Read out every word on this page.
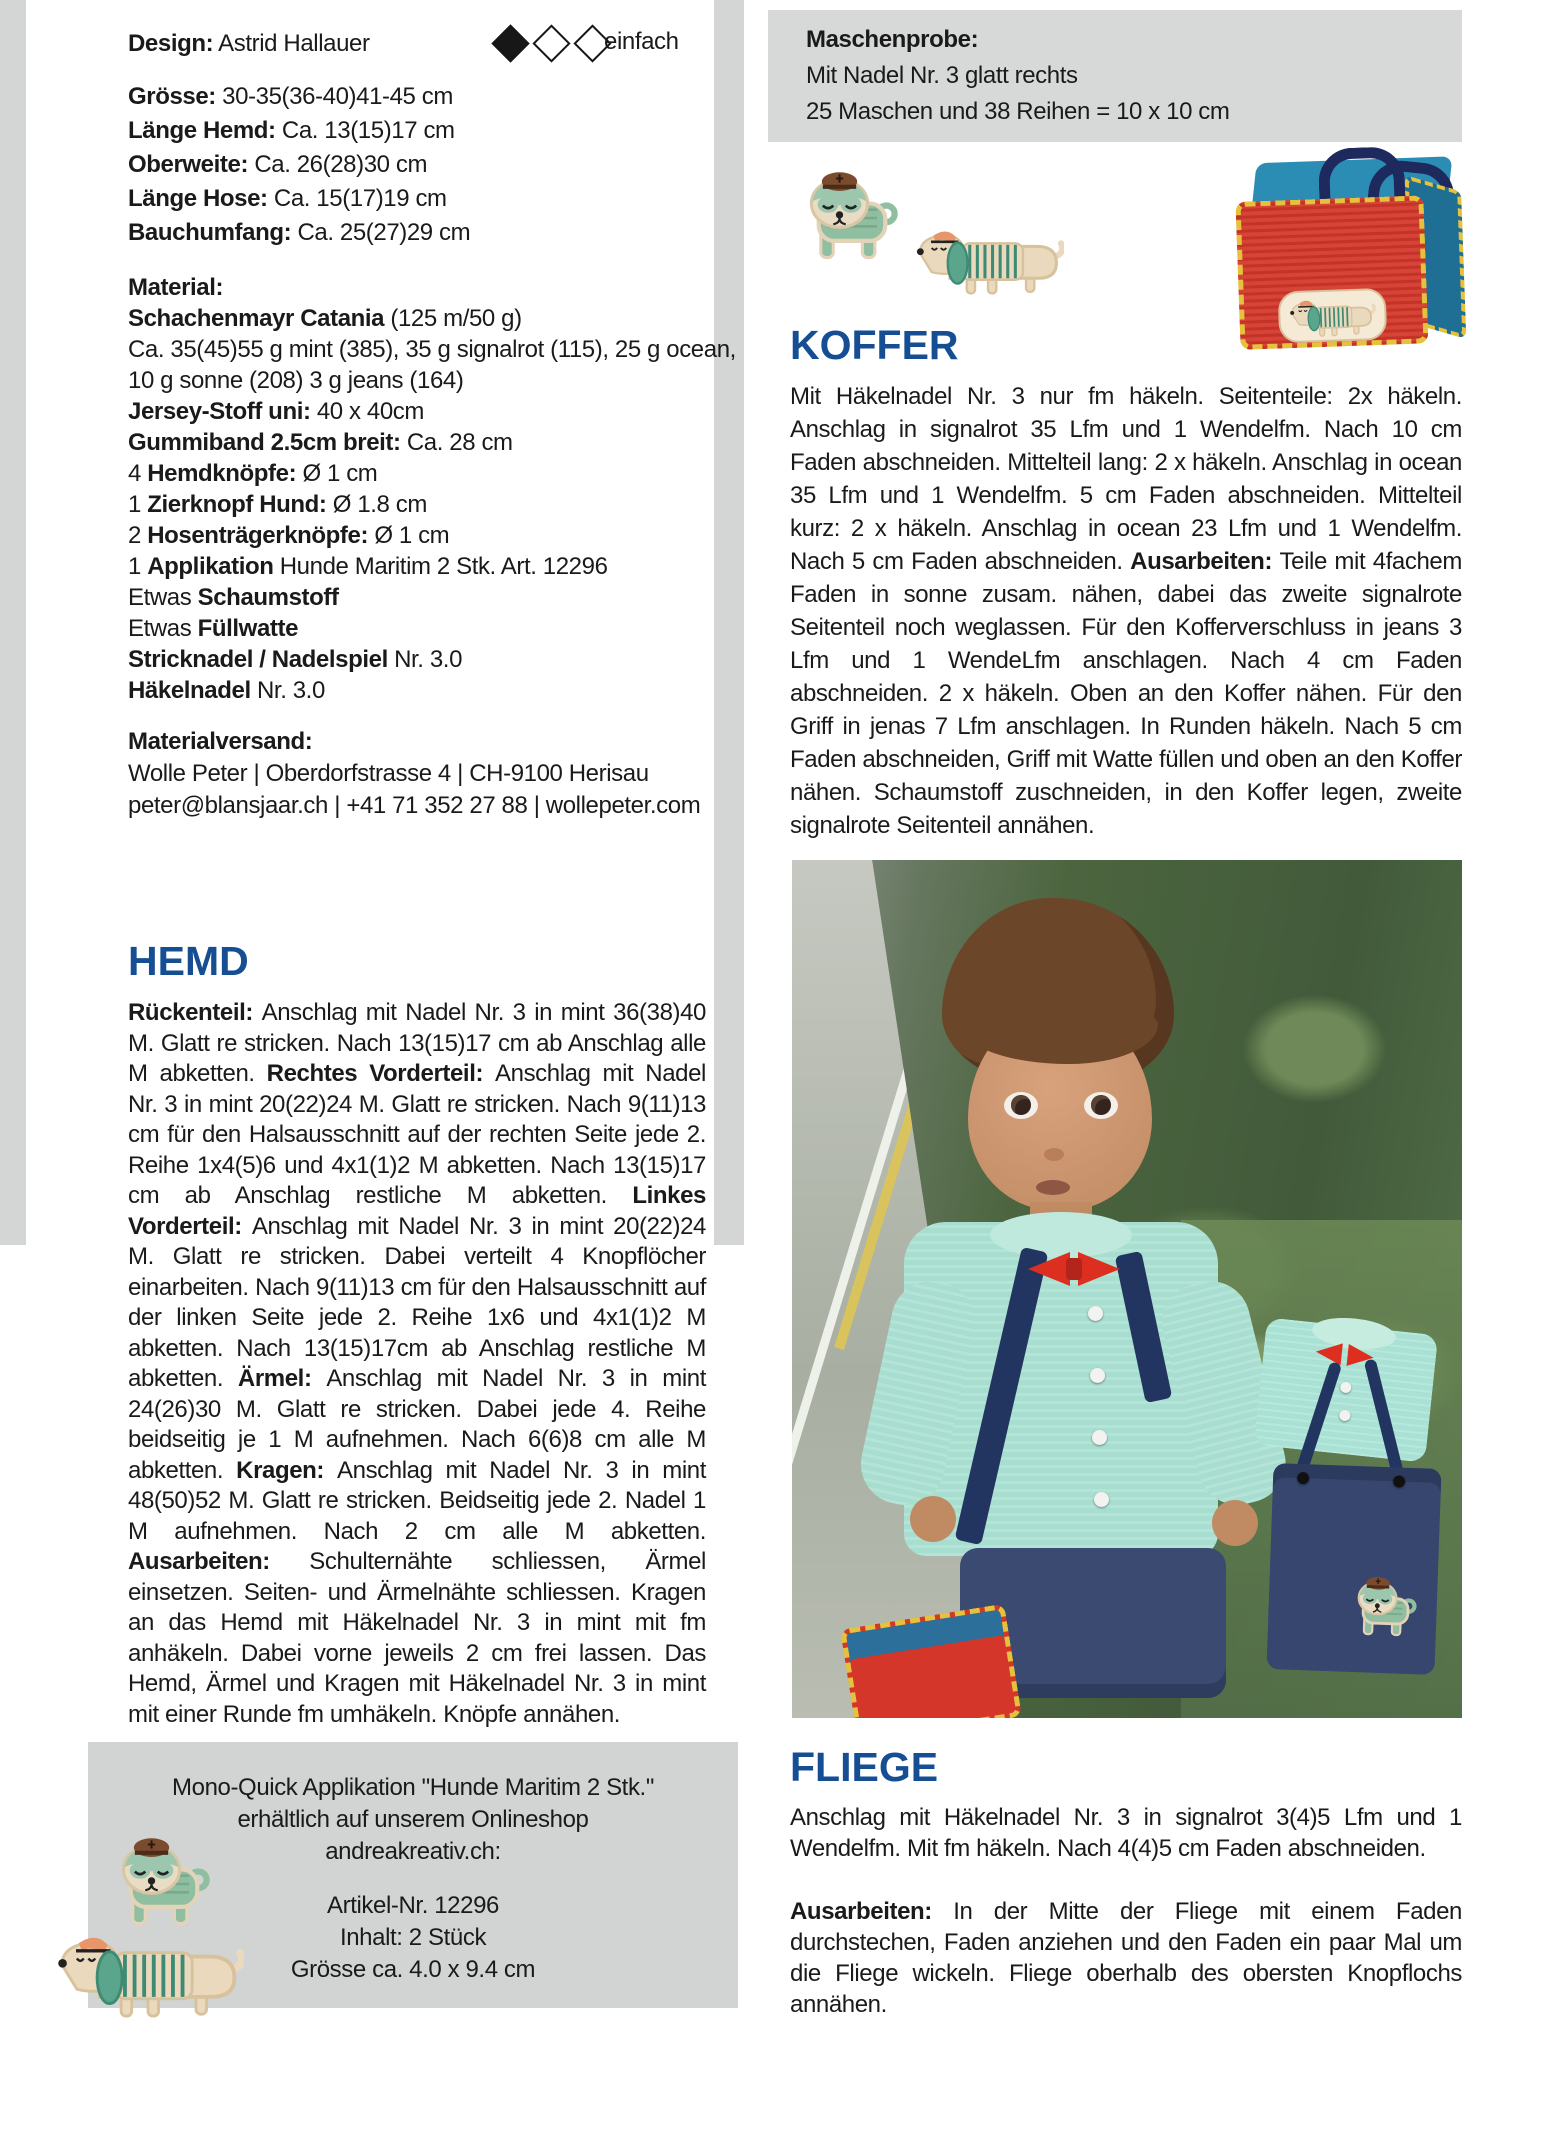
Design: Astrid Hallauer	einfach
Grösse: 30-35(36-40)41-45 cm
Länge Hemd: Ca. 13(15)17 cm
Oberweite: Ca. 26(28)30 cm
Länge Hose: Ca. 15(17)19 cm
Bauchumfang: Ca. 25(27)29 cm
Material:
Schachenmayr Catania (125 m/50 g)
Ca. 35(45)55 g mint (385), 35 g signalrot (115), 25 g ocean,
10 g sonne (208) 3 g jeans (164)
Jersey-Stoff uni: 40 x 40cm
Gummiband 2.5cm breit: Ca. 28 cm
4 Hemdknöpfe: Ø 1 cm
1 Zierknopf Hund: Ø 1.8 cm
2 Hosenträgerknöpfe: Ø 1 cm
1 Applikation Hunde Maritim 2 Stk. Art. 12296
Etwas Schaumstoff
Etwas Füllwatte
Stricknadel / Nadelspiel Nr. 3.0
Häkelnadel Nr. 3.0
Materialversand:
Wolle Peter | Oberdorfstrasse 4 | CH-9100 Herisau
peter@blansjaar.ch | +41 71 352 27 88 | wollepeter.com
HEMD
Rückenteil: Anschlag mit Nadel Nr. 3 in mint 36(38)40 M. Glatt re stricken. Nach 13(15)17 cm ab Anschlag alle M abketten. Rechtes Vorderteil: Anschlag mit Nadel Nr. 3 in mint 20(22)24 M. Glatt re stricken. Nach 9(11)13 cm für den Halsausschnitt auf der rechten Seite jede 2. Reihe 1x4(5)6 und 4x1(1)2 M abketten. Nach 13(15)17 cm ab Anschlag restliche M abketten. Linkes Vorderteil: Anschlag mit Nadel Nr. 3 in mint 20(22)24 M. Glatt re stricken. Dabei verteilt 4 Knopflöcher einarbeiten. Nach 9(11)13 cm für den Halsausschnitt auf der linken Seite jede 2. Reihe 1x6 und 4x1(1)2 M abketten. Nach 13(15)17cm ab Anschlag restliche M abketten. Ärmel: Anschlag mit Nadel Nr. 3 in mint 24(26)30 M. Glatt re stricken. Dabei jede 4. Reihe beidseitig je 1 M aufnehmen. Nach 6(6)8 cm alle M abketten. Kragen: Anschlag mit Nadel Nr. 3 in mint 48(50)52 M. Glatt re stricken. Beidseitig jede 2. Nadel 1 M aufnehmen. Nach 2 cm alle M abketten. Ausarbeiten: Schulternähte schliessen, Ärmel einsetzen. Seiten- und Ärmelnähte schliessen. Kragen an das Hemd mit Häkelnadel Nr. 3 in mint mit fm anhäkeln. Dabei vorne jeweils 2 cm frei lassen. Das Hemd, Ärmel und Kragen mit Häkelnadel Nr. 3 in mint mit einer Runde fm umhäkeln. Knöpfe annähen.
Mono-Quick Applikation "Hunde Maritim 2 Stk."
erhältlich auf unserem Onlineshop
andreakreativ.ch:
Artikel-Nr. 12296
Inhalt: 2 Stück
Grösse ca. 4.0 x 9.4 cm
Maschenprobe:
Mit Nadel Nr. 3 glatt rechts
25 Maschen und 38 Reihen = 10 x 10 cm
KOFFER
Mit Häkelnadel Nr. 3 nur fm häkeln. Seitenteile: 2x häkeln. Anschlag in signalrot 35 Lfm und 1 Wendelfm. Nach 10 cm Faden abschneiden. Mittelteil lang: 2 x häkeln. Anschlag in ocean 35 Lfm und 1 Wendelfm. 5 cm Faden abschneiden. Mittelteil kurz: 2 x häkeln. Anschlag in ocean 23 Lfm und 1 Wendelfm. Nach 5 cm Faden abschneiden. Ausarbeiten: Teile mit 4fachem Faden in sonne zusam. nähen, dabei das zweite signalrote Seitenteil noch weglassen. Für den Kofferverschluss in jeans 3 Lfm und 1 WendeLfm anschlagen. Nach 4 cm Faden abschneiden. 2 x häkeln. Oben an den Koffer nähen. Für den Griff in jenas 7 Lfm anschlagen. In Runden häkeln. Nach 5 cm Faden abschneiden, Griff mit Watte füllen und oben an den Koffer nähen. Schaumstoff zuschneiden, in den Koffer legen, zweite signalrote Seitenteil annähen.
FLIEGE
Anschlag mit Häkelnadel Nr. 3 in signalrot 3(4)5 Lfm und 1 Wendelfm. Mit fm häkeln. Nach 4(4)5 cm Faden abschneiden.
Ausarbeiten: In der Mitte der Fliege mit einem Faden durchstechen, Faden anziehen und den Faden ein paar Mal um die Fliege wickeln. Fliege oberhalb des obersten Knopflochs annähen.
